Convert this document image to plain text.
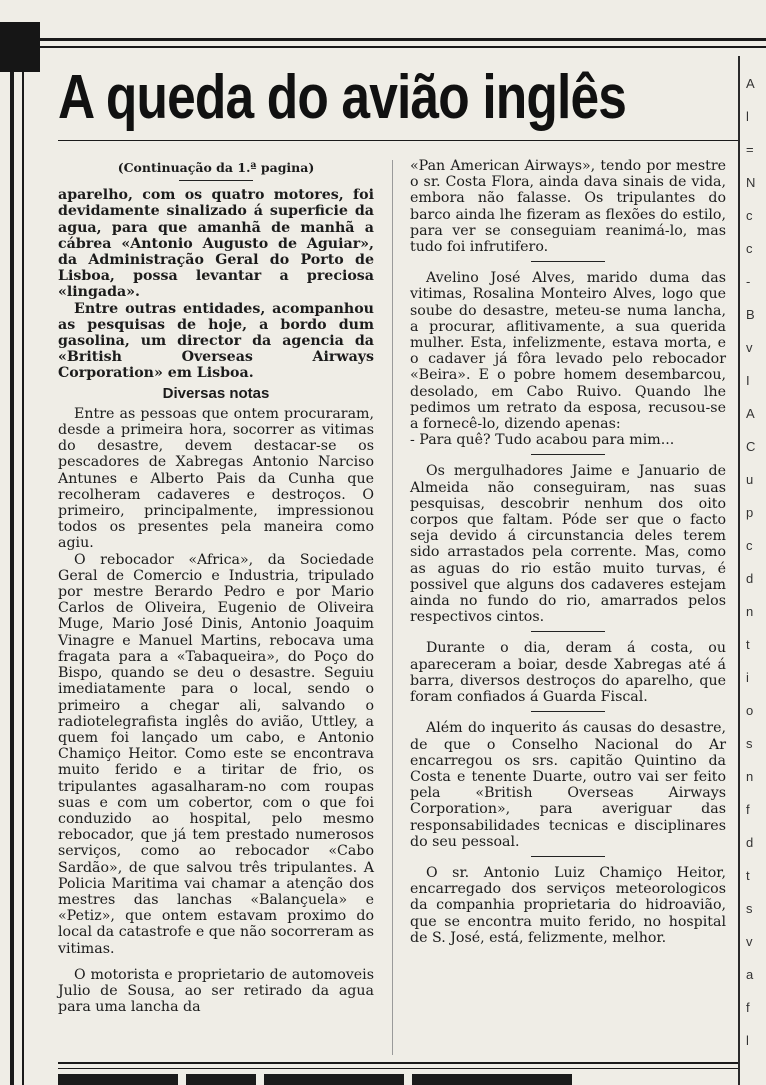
A
l
=
N
c
c
-
B
v
I
A
C
u
p
c
d
n
t
i
o
s
n
f
d
t
s
v
a
f
l
A queda do avião inglês
(Continuação da 1.ª pagina)

aparelho, com os quatro motores, foi devidamente sinalizado á superficie da agua, para que amanhã de manhã a cábrea «Antonio Augusto de Aguiar», da Administração Geral do Porto de Lisboa, possa levantar a preciosa «lingada».

Entre outras entidades, acompanhou as pesquisas de hoje, a bordo dum gasolina, um director da agencia da «British Overseas Airways Corporation» em Lisboa.

Diversas notas

Entre as pessoas que ontem procuraram, desde a primeira hora, socorrer as vitimas do desastre, devem destacar-se os pescadores de Xabregas Antonio Narciso Antunes e Alberto Pais da Cunha que recolheram cadaveres e destroços. O primeiro, principalmente, impressionou todos os presentes pela maneira como agiu.

O rebocador «Africa», da Sociedade Geral de Comercio e Industria, tripulado por mestre Berardo Pedro e por Mario Carlos de Oliveira, Eugenio de Oliveira Muge, Mario José Dinis, Antonio Joaquim Vinagre e Manuel Martins, rebocava uma fragata para a «Tabaqueira», do Poço do Bispo, quando se deu o desastre. Seguiu imediatamente para o local, sendo o primeiro a chegar ali, salvando o radiotelegrafista inglês do avião, Uttley, a quem foi lançado um cabo, e Antonio Chamiço Heitor. Como este se encontrava muito ferido e a tiritar de frio, os tripulantes agasalharam-no com roupas suas e com um cobertor, com o que foi conduzido ao hospital, pelo mesmo rebocador, que já tem prestado numerosos serviços, como ao rebocador «Cabo Sardão», de que salvou três tripulantes. A Policia Maritima vai chamar a atenção dos mestres das lanchas «Balançuela» e «Petiz», que ontem estavam proximo do local da catastrofe e que não socorreram as vitimas.

O motorista e proprietario de automoveis Julio de Sousa, ao ser retirado da agua para uma lancha da

«Pan American Airways», tendo por mestre o sr. Costa Flora, ainda dava sinais de vida, embora não falasse. Os tripulantes do barco ainda lhe fizeram as flexões do estilo, para ver se conseguiam reanimá-lo, mas tudo foi infrutifero.

Avelino José Alves, marido duma das vitimas, Rosalina Monteiro Alves, logo que soube do desastre, meteu-se numa lancha, a procurar, aflitivamente, a sua querida mulher. Esta, infelizmente, estava morta, e o cadaver já fôra levado pelo rebocador «Beira». E o pobre homem desembarcou, desolado, em Cabo Ruivo. Quando lhe pedimos um retrato da esposa, recusou-se a fornecê-lo, dizendo apenas:

- Para quê? Tudo acabou para mim...

Os mergulhadores Jaime e Januario de Almeida não conseguiram, nas suas pesquisas, descobrir nenhum dos oito corpos que faltam. Póde ser que o facto seja devido á circunstancia deles terem sido arrastados pela corrente. Mas, como as aguas do rio estão muito turvas, é possivel que alguns dos cadaveres estejam ainda no fundo do rio, amarrados pelos respectivos cintos.

Durante o dia, deram á costa, ou apareceram a boiar, desde Xabregas até á barra, diversos destroços do aparelho, que foram confiados á Guarda Fiscal.

Além do inquerito ás causas do desastre, de que o Conselho Nacional do Ar encarregou os srs. capitão Quintino da Costa e tenente Duarte, outro vai ser feito pela «British Overseas Airways Corporation», para averiguar das responsabilidades tecnicas e disciplinares do seu pessoal.

O sr. Antonio Luiz Chamiço Heitor, encarregado dos serviços meteorologicos da companhia proprietaria do hidroavião, que se encontra muito ferido, no hospital de S. José, está, felizmente, melhor.
